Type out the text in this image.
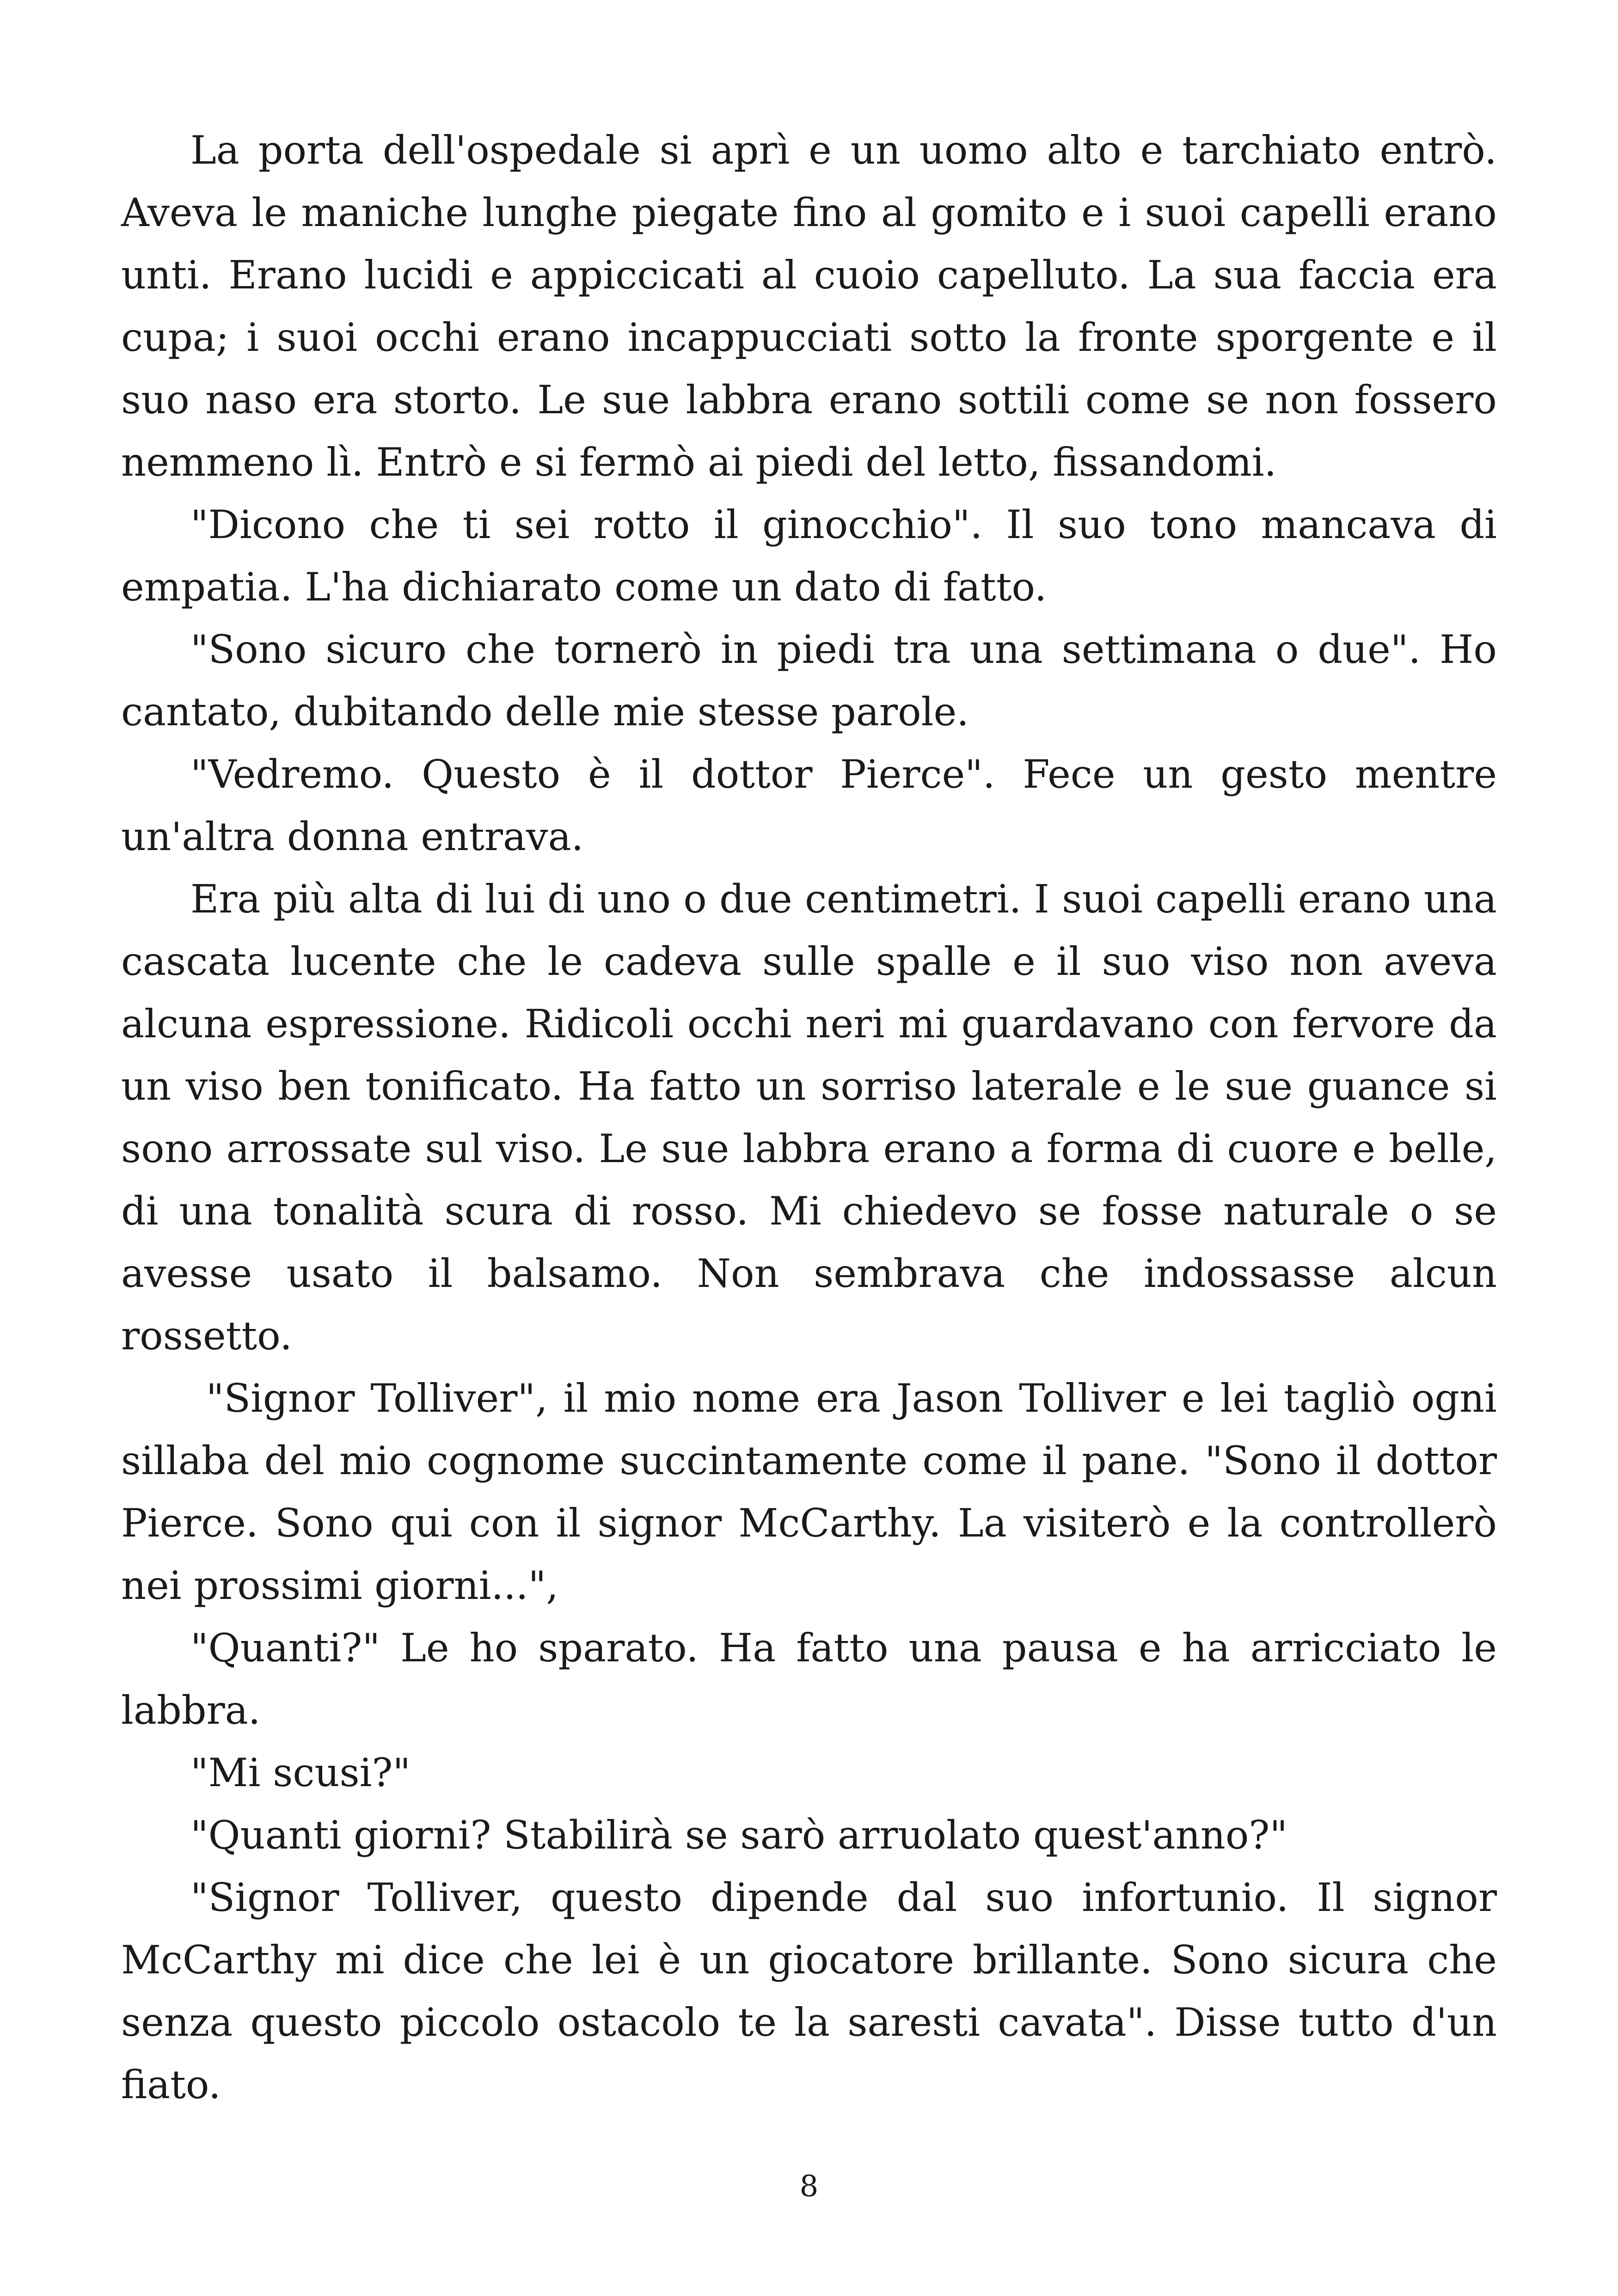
La porta dell'ospedale si aprì e un uomo alto e tarchiato entrò. Aveva le maniche lunghe piegate fino al gomito e i suoi capelli erano unti. Erano lucidi e appiccicati al cuoio capelluto. La sua faccia era cupa; i suoi occhi erano incappucciati sotto la fronte sporgente e il suo naso era storto. Le sue labbra erano sottili come se non fossero nemmeno lì. Entrò e si fermò ai piedi del letto, fissandomi.

"Dicono che ti sei rotto il ginocchio". Il suo tono mancava di empatia. L'ha dichiarato come un dato di fatto.

"Sono sicuro che tornerò in piedi tra una settimana o due". Ho cantato, dubitando delle mie stesse parole.

"Vedremo. Questo è il dottor Pierce". Fece un gesto mentre un'altra donna entrava.

Era più alta di lui di uno o due centimetri. I suoi capelli erano una cascata lucente che le cadeva sulle spalle e il suo viso non aveva alcuna espressione. Ridicoli occhi neri mi guardavano con fervore da un viso ben tonificato. Ha fatto un sorriso laterale e le sue guance si sono arrossate sul viso. Le sue labbra erano a forma di cuore e belle, di una tonalità scura di rosso. Mi chiedevo se fosse naturale o se avesse usato il balsamo. Non sembrava che indossasse alcun rossetto.

"Signor Tolliver", il mio nome era Jason Tolliver e lei tagliò ogni sillaba del mio cognome succintamente come il pane. "Sono il dottor Pierce. Sono qui con il signor McCarthy. La visiterò e la controllerò nei prossimi giorni...",

"Quanti?" Le ho sparato. Ha fatto una pausa e ha arricciato le labbra.

"Mi scusi?"

"Quanti giorni? Stabilirà se sarò arruolato quest'anno?"

"Signor Tolliver, questo dipende dal suo infortunio. Il signor McCarthy mi dice che lei è un giocatore brillante. Sono sicura che senza questo piccolo ostacolo te la saresti cavata". Disse tutto d'un fiato.

8
